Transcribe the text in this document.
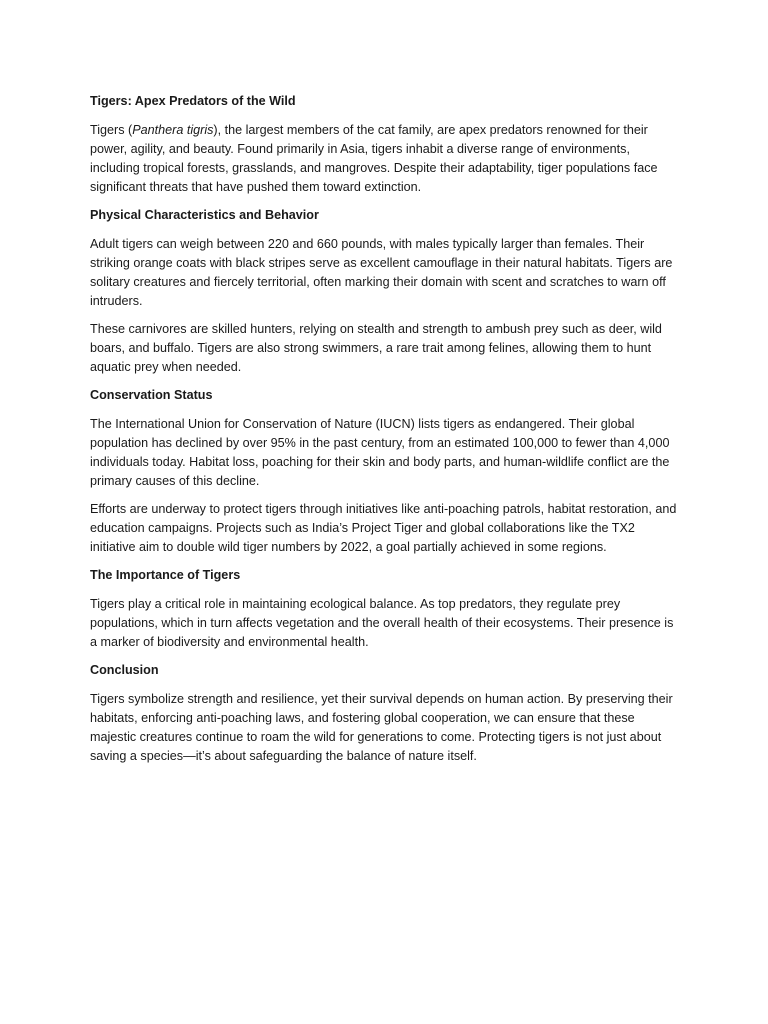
Tigers: Apex Predators of the Wild
Tigers (Panthera tigris), the largest members of the cat family, are apex predators renowned for their power, agility, and beauty. Found primarily in Asia, tigers inhabit a diverse range of environments, including tropical forests, grasslands, and mangroves. Despite their adaptability, tiger populations face significant threats that have pushed them toward extinction.
Physical Characteristics and Behavior
Adult tigers can weigh between 220 and 660 pounds, with males typically larger than females. Their striking orange coats with black stripes serve as excellent camouflage in their natural habitats. Tigers are solitary creatures and fiercely territorial, often marking their domain with scent and scratches to warn off intruders.
These carnivores are skilled hunters, relying on stealth and strength to ambush prey such as deer, wild boars, and buffalo. Tigers are also strong swimmers, a rare trait among felines, allowing them to hunt aquatic prey when needed.
Conservation Status
The International Union for Conservation of Nature (IUCN) lists tigers as endangered. Their global population has declined by over 95% in the past century, from an estimated 100,000 to fewer than 4,000 individuals today. Habitat loss, poaching for their skin and body parts, and human-wildlife conflict are the primary causes of this decline.
Efforts are underway to protect tigers through initiatives like anti-poaching patrols, habitat restoration, and education campaigns. Projects such as India’s Project Tiger and global collaborations like the TX2 initiative aim to double wild tiger numbers by 2022, a goal partially achieved in some regions.
The Importance of Tigers
Tigers play a critical role in maintaining ecological balance. As top predators, they regulate prey populations, which in turn affects vegetation and the overall health of their ecosystems. Their presence is a marker of biodiversity and environmental health.
Conclusion
Tigers symbolize strength and resilience, yet their survival depends on human action. By preserving their habitats, enforcing anti-poaching laws, and fostering global cooperation, we can ensure that these majestic creatures continue to roam the wild for generations to come. Protecting tigers is not just about saving a species—it’s about safeguarding the balance of nature itself.
